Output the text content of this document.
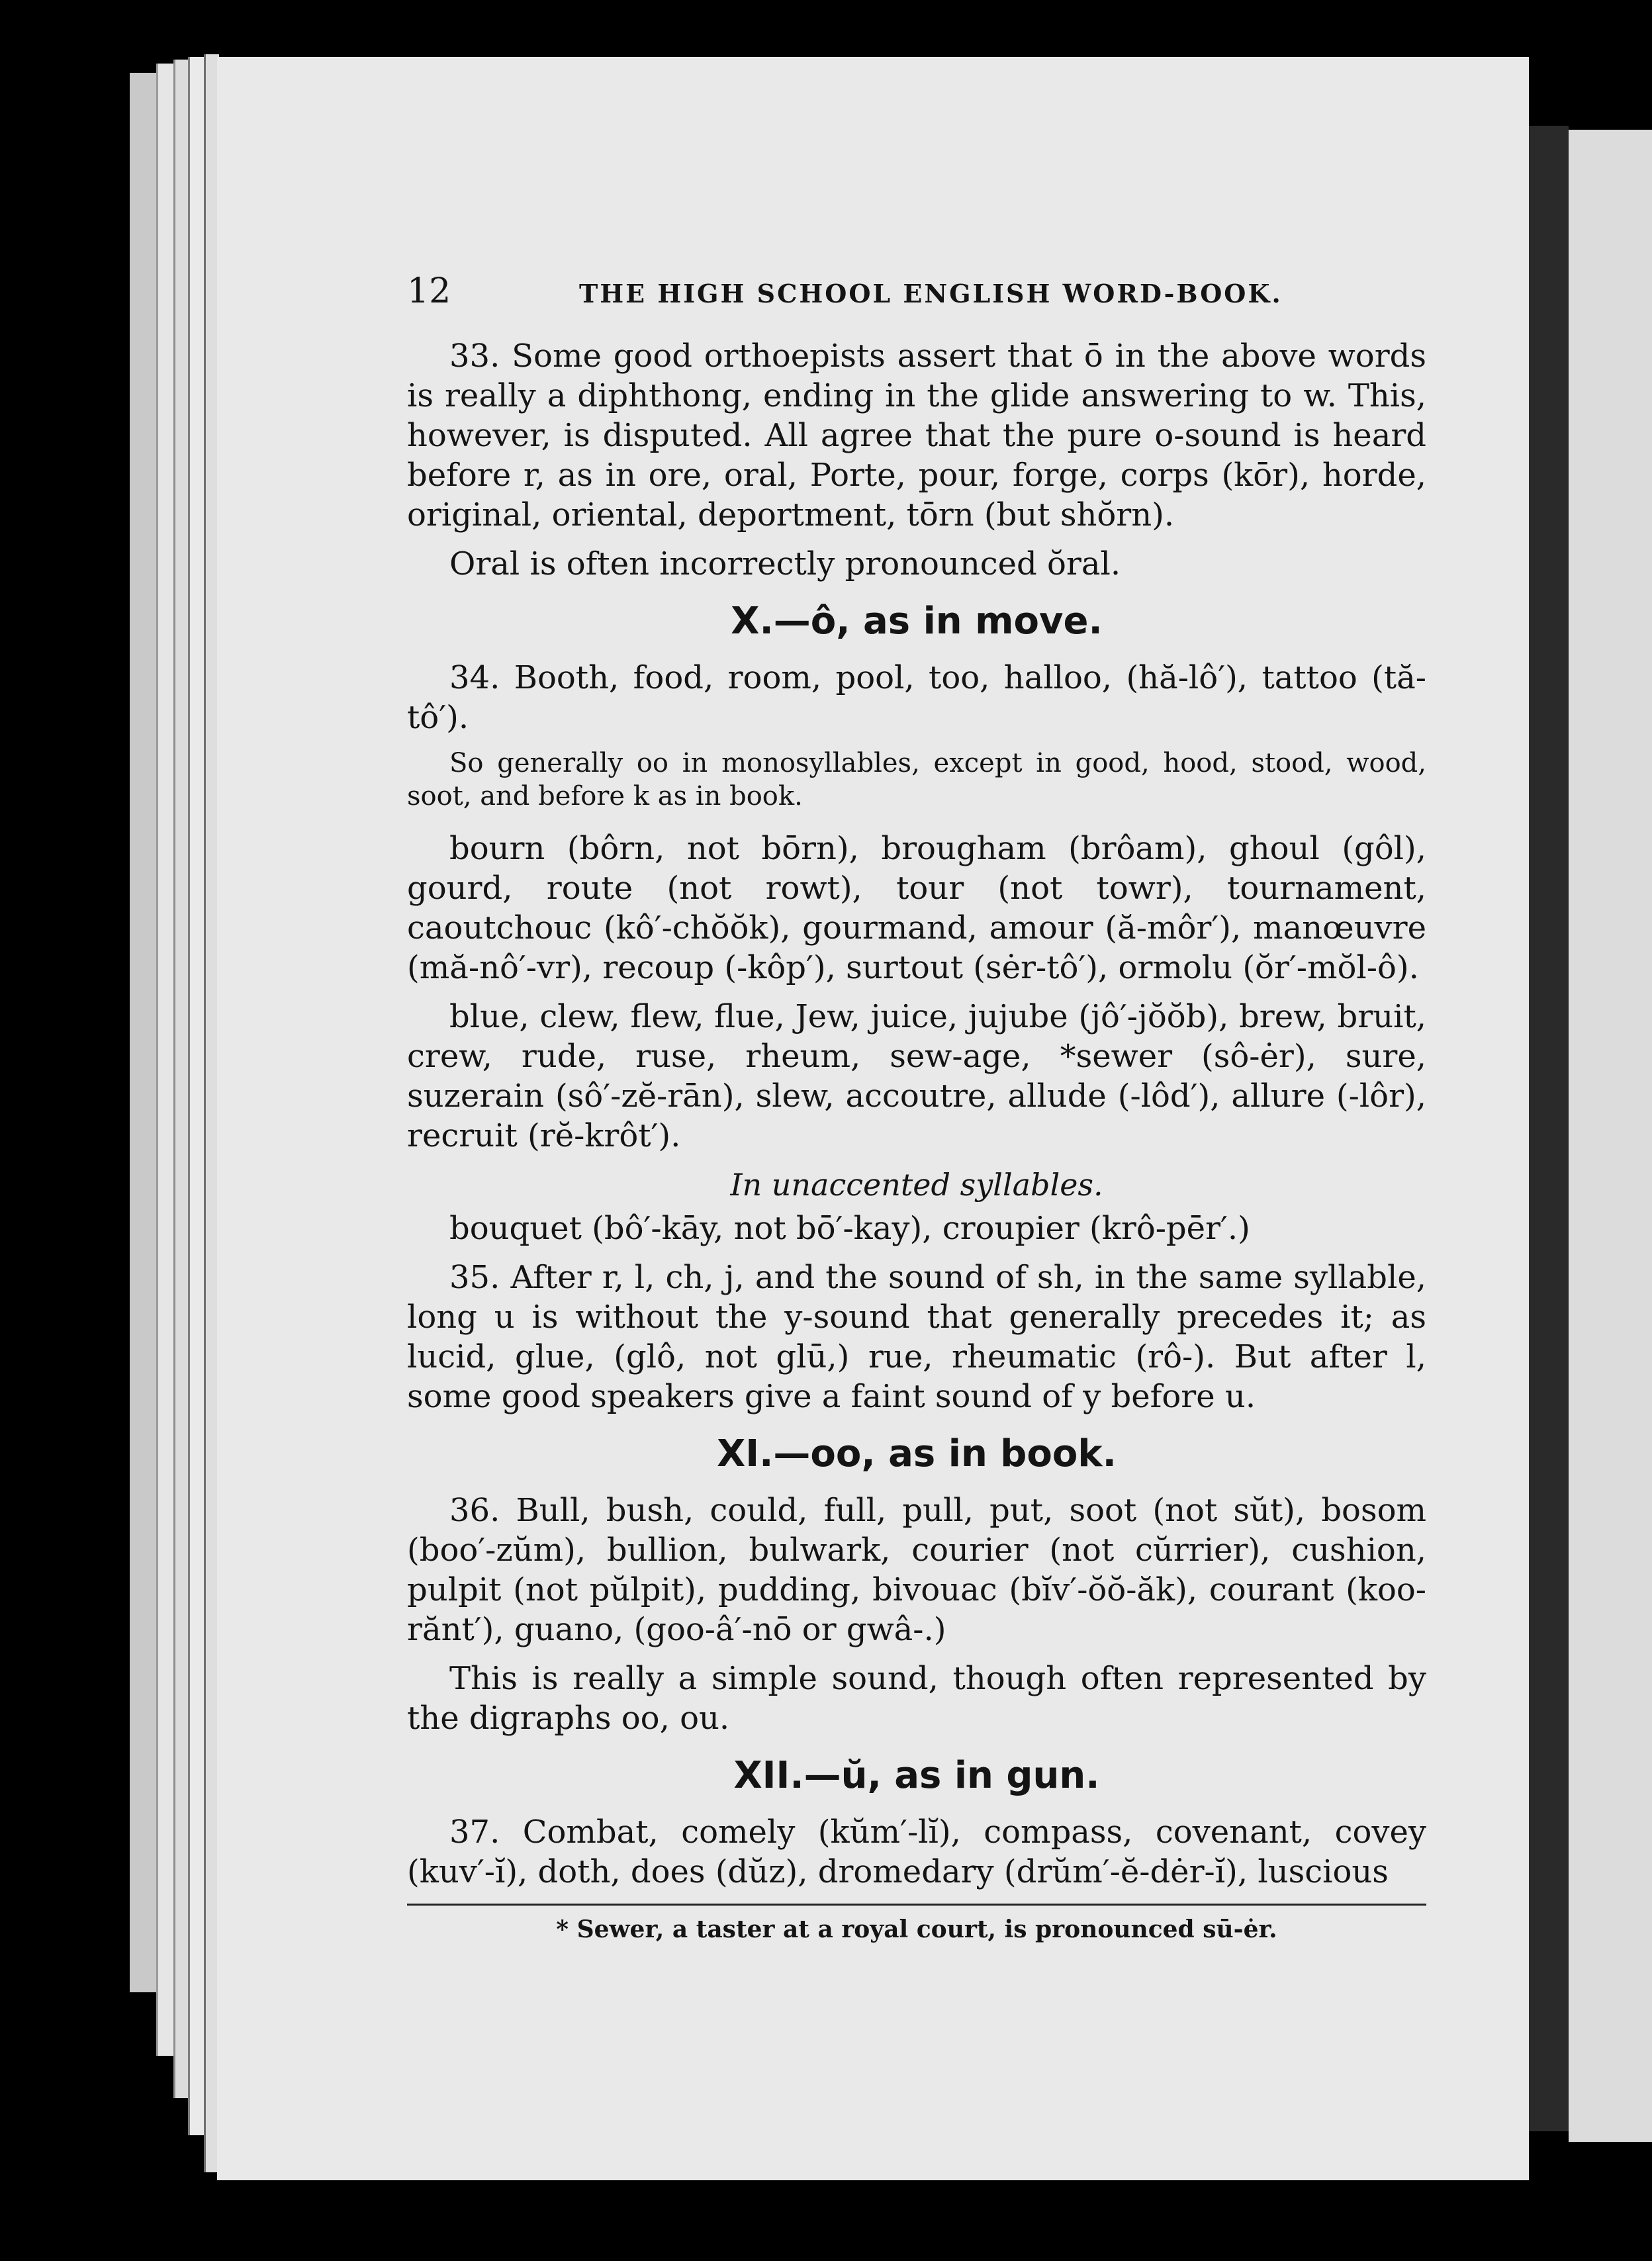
12	THE HIGH SCHOOL ENGLISH WORD-BOOK.

33. Some good orthoepists assert that ō in the above words is really a diphthong, ending in the glide answering to w. This, however, is disputed. All agree that the pure o-sound is heard before r, as in ore, oral, Porte, pour, forge, corps (kōr), horde, original, oriental, deportment, tōrn (but shŏrn).

Oral is often incorrectly pronounced ŏral.

X.—ô, as in move.

34. Booth, food, room, pool, too, halloo, (hă-lô′), tattoo (tă-tô′).

So generally oo in monosyllables, except in good, hood, stood, wood, soot, and before k as in book.

bourn (bôrn, not bōrn), brougham (brôam), ghoul (gôl), gourd, route (not rowt), tour (not towr), tournament, caoutchouc (kô′-chŏŏk), gourmand, amour (ă-môr′), manœuvre (mă-nô′-vr), recoup (-kôp′), surtout (sėr-tô′), ormolu (ŏr′-mŏl-ô).

blue, clew, flew, flue, Jew, juice, jujube (jô′-jŏŏb), brew, bruit, crew, rude, ruse, rheum, sew-age, *sewer (sô-ėr), sure, suzerain (sô′-zĕ-rān), slew, accoutre, allude (-lôd′), allure (-lôr), recruit (rĕ-krôt′).

In unaccented syllables.

bouquet (bô′-kāy, not bō′-kay), croupier (krô-pēr′.)

35. After r, l, ch, j, and the sound of sh, in the same syllable, long u is without the y-sound that generally precedes it; as lucid, glue, (glô, not glū,) rue, rheumatic (rô-). But after l, some good speakers give a faint sound of y before u.

XI.—oo, as in book.

36. Bull, bush, could, full, pull, put, soot (not sŭt), bosom (boo′-zŭm), bullion, bulwark, courier (not cŭrrier), cushion, pulpit (not pŭlpit), pudding, bivouac (bĭv′-ŏŏ-ăk), courant (koo-rănt′), guano, (goo-â′-nō or gwâ-.)

This is really a simple sound, though often represented by the digraphs oo, ou.

XII.—ŭ, as in gun.

37. Combat, comely (kŭm′-lĭ), compass, covenant, covey (kuv′-ĭ), doth, does (dŭz), dromedary (drŭm′-ĕ-dėr-ĭ), luscious

* Sewer, a taster at a royal court, is pronounced sū-ėr.
